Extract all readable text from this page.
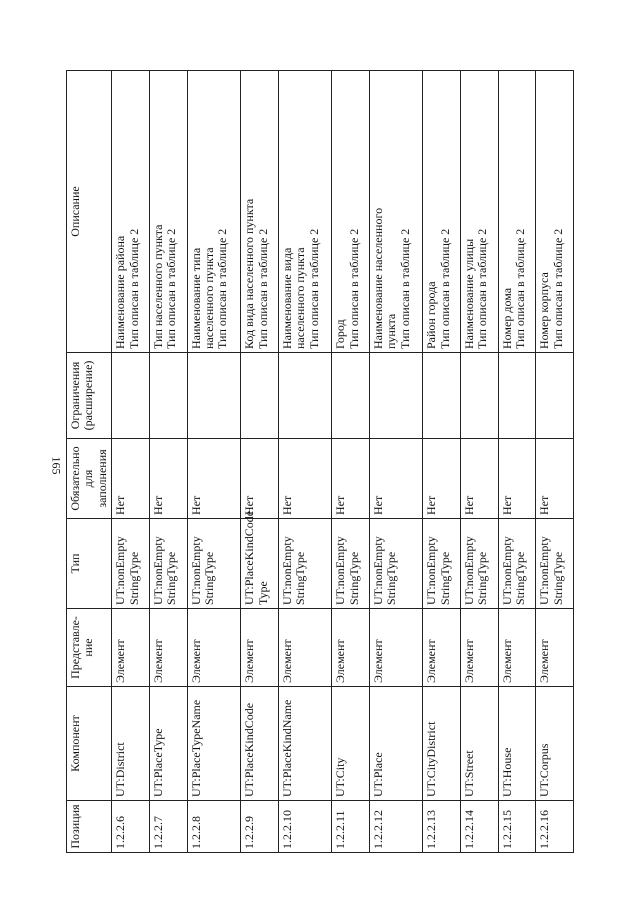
165
Позиция	Компонент	Представле-ние	Тип	Обязательно для заполнения	Ограничения (расширение)	Описание
1.2.2.6	UT:District	Элемент	UT:nonEmpty StringType	Нет		Наименование района Тип описан в таблице 2

1.2.2.7	UT:PlaceType	Элемент	UT:nonEmpty StringType	Нет		Тип населенного пункта Тип описан в таблице 2

1.2.2.8	UT:PlaceTypeName	Элемент	UT:nonEmpty StringType	Нет		Наименование типа населенного пункта Тип описан в таблице 2

1.2.2.9	UT:PlaceKindCode	Элемент	UT:PlaceKindCode Type	Нет		Код вида населенного пункта Тип описан в таблице 2

1.2.2.10	UT:PlaceKindName	Элемент	UT:nonEmpty StringType	Нет		Наименование вида населенного пункта Тип описан в таблице 2

1.2.2.11	UT:City	Элемент	UT:nonEmpty StringType	Нет		Город Тип описан в таблице 2

1.2.2.12	UT:Place	Элемент	UT:nonEmpty StringType	Нет		Наименование населенного пункта Тип описан в таблице 2

1.2.2.13	UT:CityDistrict	Элемент	UT:nonEmpty StringType	Нет		Район города Тип описан в таблице 2

1.2.2.14	UT:Street	Элемент	UT:nonEmpty StringType	Нет		Наименование улицы Тип описан в таблице 2

1.2.2.15	UT:House	Элемент	UT:nonEmpty StringType	Нет		Номер дома Тип описан в таблице 2

1.2.2.16	UT:Corpus	Элемент	UT:nonEmpty StringType	Нет		Номер корпуса Тип описан в таблице 2
